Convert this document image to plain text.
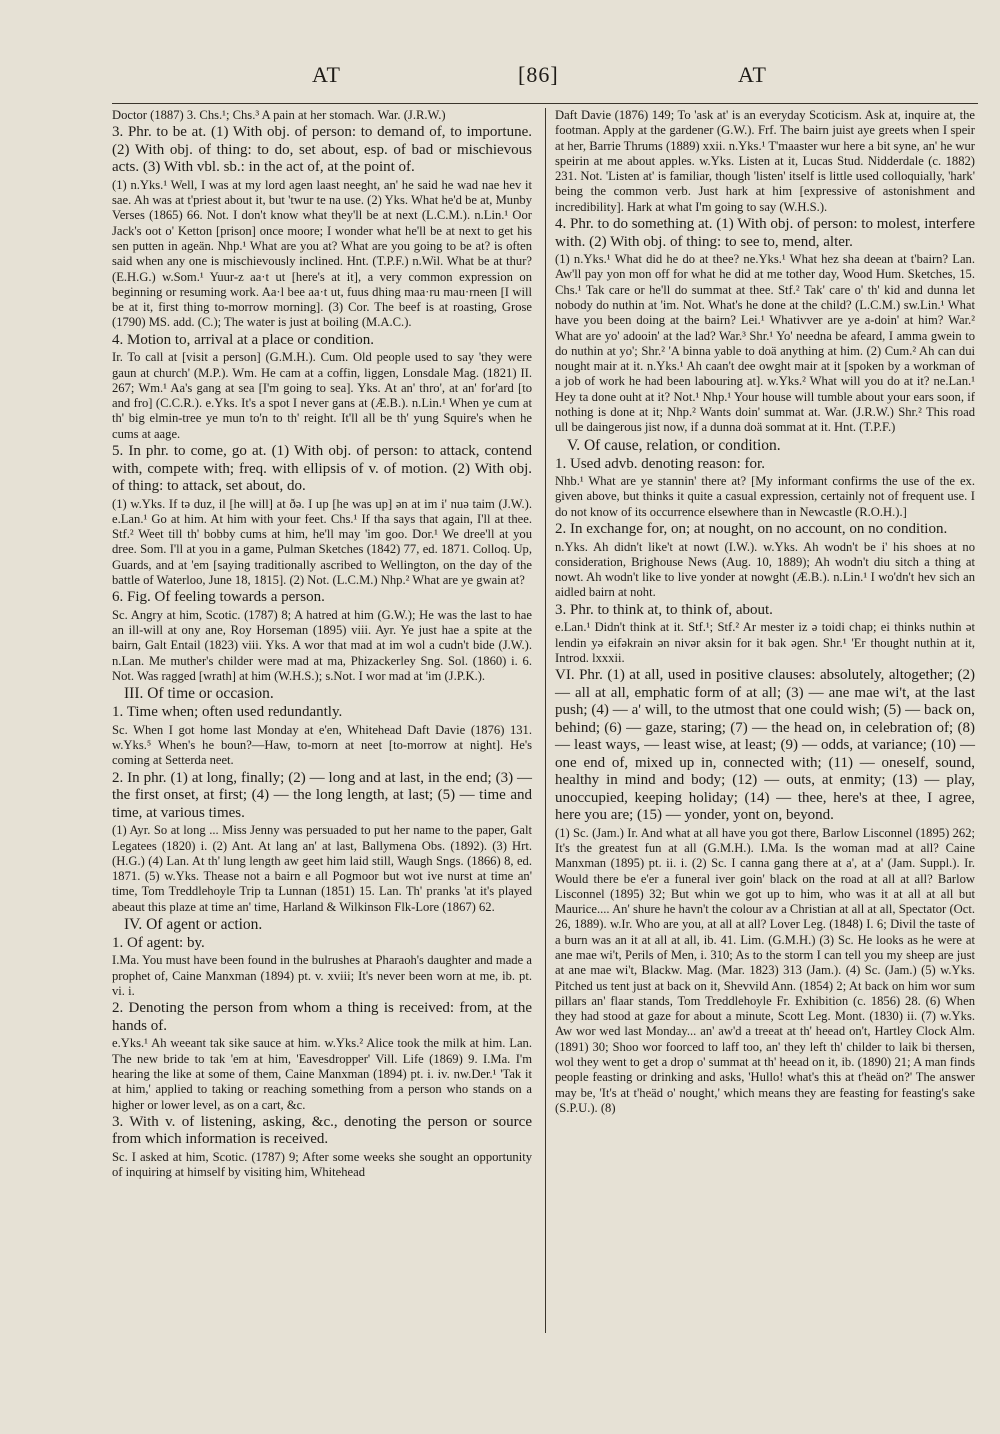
AT	[86]	AT

Doctor (1887) 3. Chs.¹; Chs.³ A pain at her stomach. War. (J.R.W.)

3. Phr. to be at. (1) With obj. of person: to demand of, to importune. (2) With obj. of thing: to do, set about, esp. of bad or mischievous acts. (3) With vbl. sb.: in the act of, at the point of.

(1) n.Yks.¹ Well, I was at my lord agen laast neeght, an' he said he wad nae hev it sae. Ah was at t'priest about it, but 'twur te na use. (2) Yks. What he'd be at, Munby Verses (1865) 66. Not. I don't know what they'll be at next (L.C.M.). n.Lin.¹ Oor Jack's oot o' Ketton [prison] once moore; I wonder what he'll be at next to get his sen putten in ageän. Nhp.¹ What are you at? What are you going to be at? is often said when any one is mischievously inclined. Hnt. (T.P.F.) n.Wil. What be at thur? (E.H.G.) w.Som.¹ Yuur-z aa·t ut [here's at it], a very common expression on beginning or resuming work. Aa·l bee aa·t ut, fuus dhing maa·ru mau·rneen [I will be at it, first thing to-morrow morning]. (3) Cor. The beef is at roasting, Grose (1790) MS. add. (C.); The water is just at boiling (M.A.C.).

4. Motion to, arrival at a place or condition.

Ir. To call at [visit a person] (G.M.H.). Cum. Old people used to say 'they were gaun at church' (M.P.). Wm. He cam at a coffin, liggen, Lonsdale Mag. (1821) II. 267; Wm.¹ Aa's gang at sea [I'm going to sea]. Yks. At an' thro', at an' for'ard [to and fro] (C.C.R.). e.Yks. It's a spot I never gans at (Æ.B.). n.Lin.¹ When ye cum at th' big elmin-tree ye mun to'n to th' reight. It'll all be th' yung Squire's when he cums at aage.

5. In phr. to come, go at. (1) With obj. of person: to attack, contend with, compete with; freq. with ellipsis of v. of motion. (2) With obj. of thing: to attack, set about, do.

(1) w.Yks. If tə duz, il [he will] at ðə. I up [he was up] ən at im i' nuə taim (J.W.). e.Lan.¹ Go at him. At him with your feet. Chs.¹ If tha says that again, I'll at thee. Stf.² Weet till th' bobby cums at him, he'll may 'im goo. Dor.¹ We dree'll at you dree. Som. I'll at you in a game, Pulman Sketches (1842) 77, ed. 1871. Colloq. Up, Guards, and at 'em [saying traditionally ascribed to Wellington, on the day of the battle of Waterloo, June 18, 1815]. (2) Not. (L.C.M.) Nhp.² What are ye gwain at?

6. Fig. Of feeling towards a person.

Sc. Angry at him, Scotic. (1787) 8; A hatred at him (G.W.); He was the last to hae an ill-will at ony ane, Roy Horseman (1895) viii. Ayr. Ye just hae a spite at the bairn, Galt Entail (1823) viii. Yks. A wor that mad at im wol a cudn't bide (J.W.). n.Lan. Me muther's childer were mad at ma, Phizackerley Sng. Sol. (1860) i. 6. Not. Was ragged [wrath] at him (W.H.S.); s.Not. I wor mad at 'im (J.P.K.).

III. Of time or occasion.

1. Time when; often used redundantly.

Sc. When I got home last Monday at e'en, Whitehead Daft Davie (1876) 131. w.Yks.⁵ When's he boun?—Haw, to-morn at neet [to-morrow at night]. He's coming at Setterda neet.

2. In phr. (1) at long, finally; (2) — long and at last, in the end; (3) — the first onset, at first; (4) — the long length, at last; (5) — time and time, at various times.

(1) Ayr. So at long ... Miss Jenny was persuaded to put her name to the paper, Galt Legatees (1820) i. (2) Ant. At lang an' at last, Ballymena Obs. (1892). (3) Hrt. (H.G.) (4) Lan. At th' lung length aw geet him laid still, Waugh Sngs. (1866) 8, ed. 1871. (5) w.Yks. Thease not a bairn e all Pogmoor but wot ive nurst at time an' time, Tom Treddlehoyle Trip ta Lunnan (1851) 15. Lan. Th' pranks 'at it's played abeaut this plaze at time an' time, Harland & Wilkinson Flk-Lore (1867) 62.

IV. Of agent or action.

1. Of agent: by.

I.Ma. You must have been found in the bulrushes at Pharaoh's daughter and made a prophet of, Caine Manxman (1894) pt. v. xviii; It's never been worn at me, ib. pt. vi. i.

2. Denoting the person from whom a thing is received: from, at the hands of.

e.Yks.¹ Ah weeant tak sike sauce at him. w.Yks.² Alice took the milk at him. Lan. The new bride to tak 'em at him, 'Eavesdropper' Vill. Life (1869) 9. I.Ma. I'm hearing the like at some of them, Caine Manxman (1894) pt. i. iv. nw.Der.¹ 'Tak it at him,' applied to taking or reaching something from a person who stands on a higher or lower level, as on a cart, &c.

3. With v. of listening, asking, &c., denoting the person or source from which information is received.

Sc. I asked at him, Scotic. (1787) 9; After some weeks she sought an opportunity of inquiring at himself by visiting him, Whitehead

Daft Davie (1876) 149; To 'ask at' is an everyday Scoticism. Ask at, inquire at, the footman. Apply at the gardener (G.W.). Frf. The bairn juist aye greets when I speir at her, Barrie Thrums (1889) xxii. n.Yks.¹ T'maaster wur here a bit syne, an' he wur speirin at me about apples. w.Yks. Listen at it, Lucas Stud. Nidderdale (c. 1882) 231. Not. 'Listen at' is familiar, though 'listen' itself is little used colloquially, 'hark' being the common verb. Just hark at him [expressive of astonishment and incredibility]. Hark at what I'm going to say (W.H.S.).

4. Phr. to do something at. (1) With obj. of person: to molest, interfere with. (2) With obj. of thing: to see to, mend, alter.

(1) n.Yks.¹ What did he do at thee? ne.Yks.¹ What hez sha deean at t'bairn? Lan. Aw'll pay yon mon off for what he did at me tother day, Wood Hum. Sketches, 15. Chs.¹ Tak care or he'll do summat at thee. Stf.² Tak' care o' th' kid and dunna let nobody do nuthin at 'im. Not. What's he done at the child? (L.C.M.) sw.Lin.¹ What have you been doing at the bairn? Lei.¹ Whativver are ye a-doin' at him? War.² What are yo' adooin' at the lad? War.³ Shr.¹ Yo' needna be afeard, I amma gwein to do nuthin at yo'; Shr.² 'A binna yable to doä anything at him. (2) Cum.² Ah can dui nought mair at it. n.Yks.¹ Ah caan't dee owght mair at it [spoken by a workman of a job of work he had been labouring at]. w.Yks.² What will you do at it? ne.Lan.¹ Hey ta done ouht at it? Not.¹ Nhp.¹ Your house will tumble about your ears soon, if nothing is done at it; Nhp.² Wants doin' summat at. War. (J.R.W.) Shr.² This road ull be daingerous jist now, if a dunna doä sommat at it. Hnt. (T.P.F.)

V. Of cause, relation, or condition.

1. Used advb. denoting reason: for.

Nhb.¹ What are ye stannin' there at? [My informant confirms the use of the ex. given above, but thinks it quite a casual expression, certainly not of frequent use. I do not know of its occurrence elsewhere than in Newcastle (R.O.H.).]

2. In exchange for, on; at nought, on no account, on no condition.

n.Yks. Ah didn't like't at nowt (I.W.). w.Yks. Ah wodn't be i' his shoes at no consideration, Brighouse News (Aug. 10, 1889); Ah wodn't diu sitch a thing at nowt. Ah wodn't like to live yonder at nowght (Æ.B.). n.Lin.¹ I wo'dn't hev sich an aidled bairn at noht.

3. Phr. to think at, to think of, about.

e.Lan.¹ Didn't think at it. Stf.¹; Stf.² Ar mester iz ə toidi chap; ei thinks nuthin ət lendin yə eifəkrain ən nivər aksin for it bak əgen. Shr.¹ 'Er thought nuthin at it, Introd. lxxxii.

VI. Phr. (1) at all, used in positive clauses: absolutely, altogether; (2) — all at all, emphatic form of at all; (3) — ane mae wi't, at the last push; (4) — a' will, to the utmost that one could wish; (5) — back on, behind; (6) — gaze, staring; (7) — the head on, in celebration of; (8) — least ways, — least wise, at least; (9) — odds, at variance; (10) — one end of, mixed up in, connected with; (11) — oneself, sound, healthy in mind and body; (12) — outs, at enmity; (13) — play, unoccupied, keeping holiday; (14) — thee, here's at thee, I agree, here you are; (15) — yonder, yont on, beyond.

(1) Sc. (Jam.) Ir. And what at all have you got there, Barlow Lisconnel (1895) 262; It's the greatest fun at all (G.M.H.). I.Ma. Is the woman mad at all? Caine Manxman (1895) pt. ii. i. (2) Sc. I canna gang there at a', at a' (Jam. Suppl.). Ir. Would there be e'er a funeral iver goin' black on the road at all at all? Barlow Lisconnel (1895) 32; But whin we got up to him, who was it at all at all but Maurice.... An' shure he havn't the colour av a Christian at all at all, Spectator (Oct. 26, 1889). w.Ir. Who are you, at all at all? Lover Leg. (1848) I. 6; Divil the taste of a burn was an it at all at all, ib. 41. Lim. (G.M.H.) (3) Sc. He looks as he were at ane mae wi't, Perils of Men, i. 310; As to the storm I can tell you my sheep are just at ane mae wi't, Blackw. Mag. (Mar. 1823) 313 (Jam.). (4) Sc. (Jam.) (5) w.Yks. Pitched us tent just at back on it, Shevvild Ann. (1854) 2; At back on him wor sum pillars an' flaar stands, Tom Treddlehoyle Fr. Exhibition (c. 1856) 28. (6) When they had stood at gaze for about a minute, Scott Leg. Mont. (1830) ii. (7) w.Yks. Aw wor wed last Monday... an' aw'd a treeat at th' heead on't, Hartley Clock Alm. (1891) 30; Shoo wor foorced to laff too, an' they left th' childer to laik bi thersen, wol they went to get a drop o' summat at th' heead on it, ib. (1890) 21; A man finds people feasting or drinking and asks, 'Hullo! what's this at t'heäd on?' The answer may be, 'It's at t'heäd o' nought,' which means they are feasting for feasting's sake (S.P.U.). (8)
